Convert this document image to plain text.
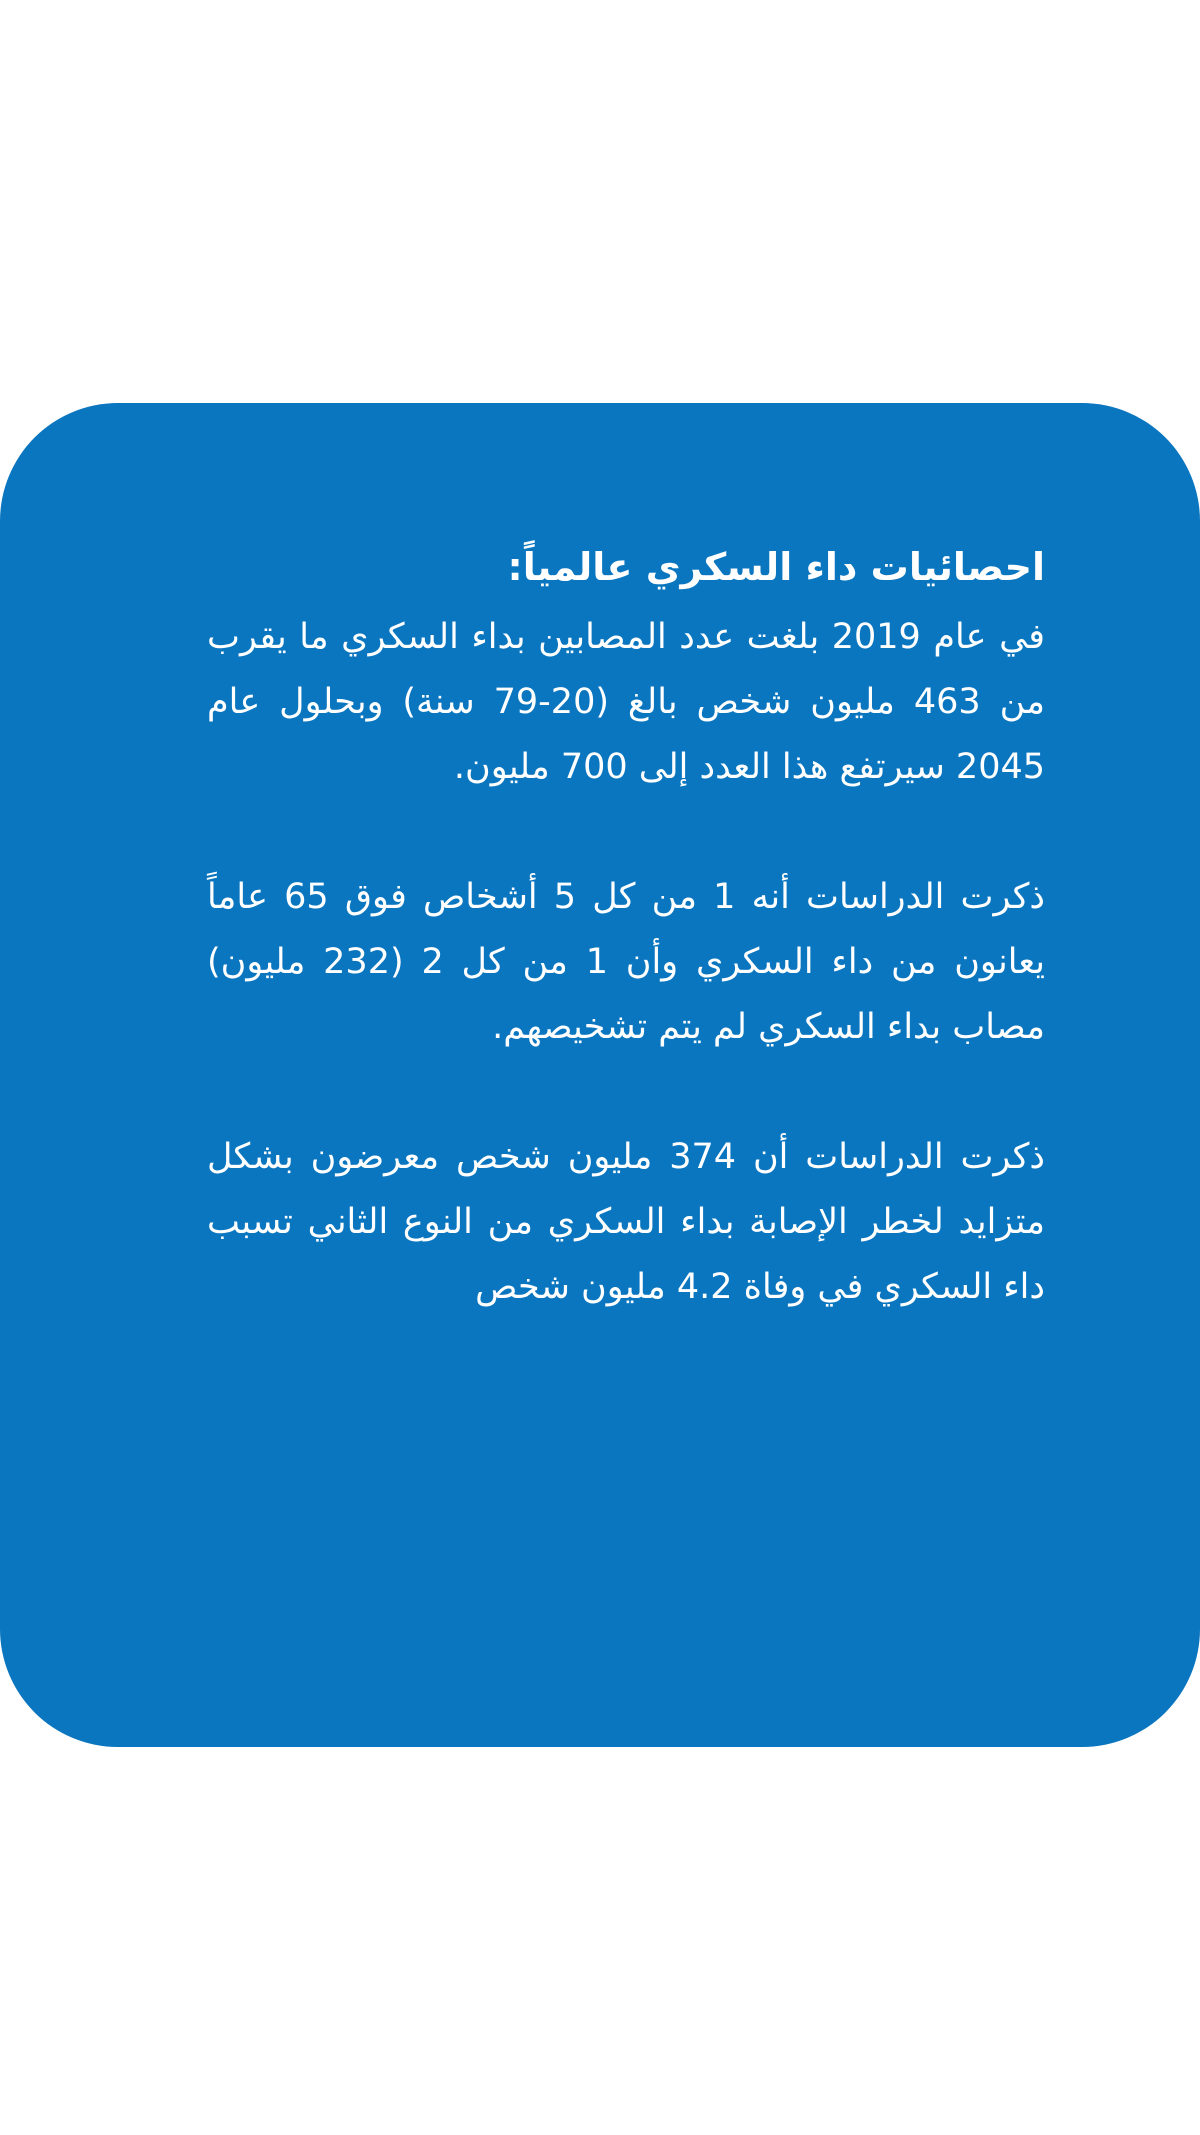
احصائيات داء السكري عالمياً:

في عام 2019 بلغت عدد المصابين بداء السكري ما يقرب من 463 مليون شخص بالغ (20-79 سنة) وبحلول عام 2045 سيرتفع هذا العدد إلى 700 مليون.

ذكرت الدراسات أنه 1 من كل 5 أشخاص فوق 65 عاماً يعانون من داء السكري وأن 1 من كل 2 (232 مليون) مصاب بداء السكري لم يتم تشخيصهم.

ذكرت الدراسات أن 374 مليون شخص معرضون بشكل متزايد لخطر الإصابة بداء السكري من النوع الثاني تسبب داء السكري في وفاة 4.2 مليون شخص
